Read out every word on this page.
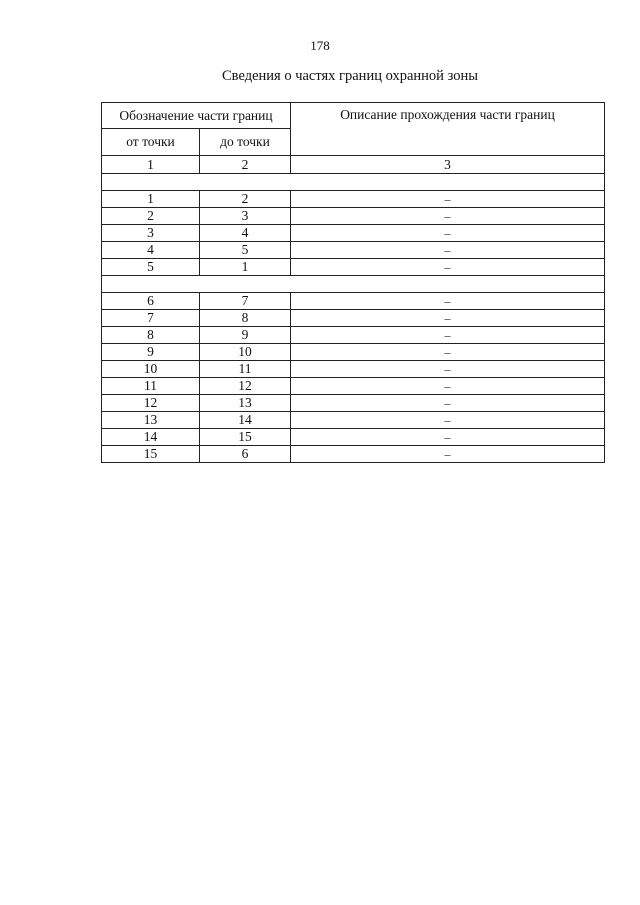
178
Сведения о частях границ охранной зоны
Обозначение части границ		Описание прохождения части границ
от точки	до точки	
1	2	3

1	2	–
2	3	–
3	4	–
4	5	–
5	1	–

6	7	–
7	8	–
8	9	–
9	10	–
10	11	–
11	12	–
12	13	–
13	14	–
14	15	–
15	6	–
